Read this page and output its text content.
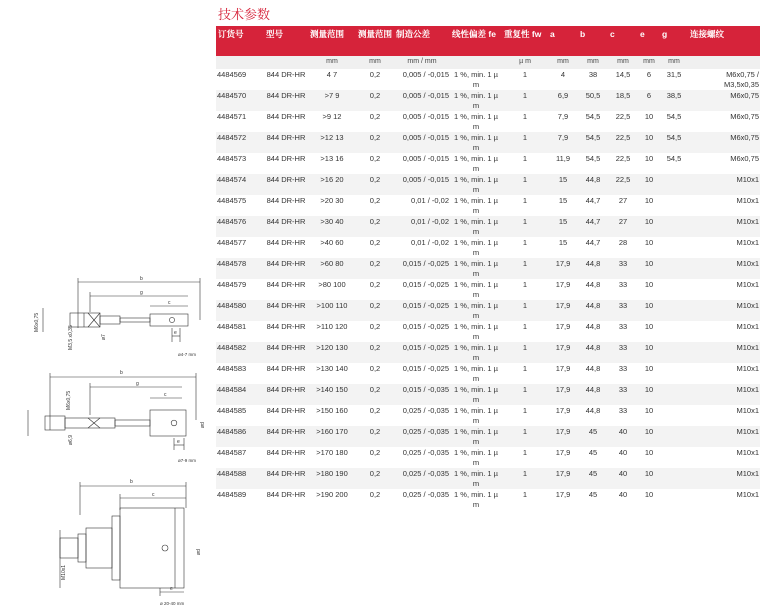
技术参数
b
g
c
e
M6x0,75
M3,5 x0,35	ø7
ø4-7 mm
b
g
c
e
M6x0,75
ø6,9
ød
ø7-9 mm
b
c
e
M10x1
ød
ø 20-40 mm
订货号	型号	测量范围	测量范围	制造公差	线性偏差 fe	重复性 fw	a	b	c	e	g	连接螺纹
		mm	mm	mm / mm		µ m	mm	mm	mm	mm	mm	
4484569	844 DR-HR	4 7	0,2	0,005 / -0,015	1 %, min. 1 µ m	1	4	38	14,5	6	31,5	M6x0,75 / M3,5x0,35
4484570	844 DR-HR	>7 9	0,2	0,005 / -0,015	1 %, min. 1 µ m	1	6,9	50,5	18,5	6	38,5	M6x0,75
4484571	844 DR-HR	>9 12	0,2	0,005 / -0,015	1 %, min. 1 µ m	1	7,9	54,5	22,5	10	54,5	M6x0,75
4484572	844 DR-HR	>12 13	0,2	0,005 / -0,015	1 %, min. 1 µ m	1	7,9	54,5	22,5	10	54,5	M6x0,75
4484573	844 DR-HR	>13 16	0,2	0,005 / -0,015	1 %, min. 1 µ m	1	11,9	54,5	22,5	10	54,5	M6x0,75
4484574	844 DR-HR	>16 20	0,2	0,005 / -0,015	1 %, min. 1 µ m	1	15	44,8	22,5	10		M10x1
4484575	844 DR-HR	>20 30	0,2	0,01 / -0,02	1 %, min. 1 µ m	1	15	44,7	27	10		M10x1
4484576	844 DR-HR	>30 40	0,2	0,01 / -0,02	1 %, min. 1 µ m	1	15	44,7	27	10		M10x1
4484577	844 DR-HR	>40 60	0,2	0,01 / -0,02	1 %, min. 1 µ m	1	15	44,7	28	10		M10x1
4484578	844 DR-HR	>60 80	0,2	0,015 / -0,025	1 %, min. 1 µ m	1	17,9	44,8	33	10		M10x1
4484579	844 DR-HR	>80 100	0,2	0,015 / -0,025	1 %, min. 1 µ m	1	17,9	44,8	33	10		M10x1
4484580	844 DR-HR	>100 110	0,2	0,015 / -0,025	1 %, min. 1 µ m	1	17,9	44,8	33	10		M10x1
4484581	844 DR-HR	>110 120	0,2	0,015 / -0,025	1 %, min. 1 µ m	1	17,9	44,8	33	10		M10x1
4484582	844 DR-HR	>120 130	0,2	0,015 / -0,025	1 %, min. 1 µ m	1	17,9	44,8	33	10		M10x1
4484583	844 DR-HR	>130 140	0,2	0,015 / -0,025	1 %, min. 1 µ m	1	17,9	44,8	33	10		M10x1
4484584	844 DR-HR	>140 150	0,2	0,015 / -0,035	1 %, min. 1 µ m	1	17,9	44,8	33	10		M10x1
4484585	844 DR-HR	>150 160	0,2	0,025 / -0,035	1 %, min. 1 µ m	1	17,9	44,8	33	10		M10x1
4484586	844 DR-HR	>160 170	0,2	0,025 / -0,035	1 %, min. 1 µ m	1	17,9	45	40	10		M10x1
4484587	844 DR-HR	>170 180	0,2	0,025 / -0,035	1 %, min. 1 µ m	1	17,9	45	40	10		M10x1
4484588	844 DR-HR	>180 190	0,2	0,025 / -0,035	1 %, min. 1 µ m	1	17,9	45	40	10		M10x1
4484589	844 DR-HR	>190 200	0,2	0,025 / -0,035	1 %, min. 1 µ m	1	17,9	45	40	10		M10x1
